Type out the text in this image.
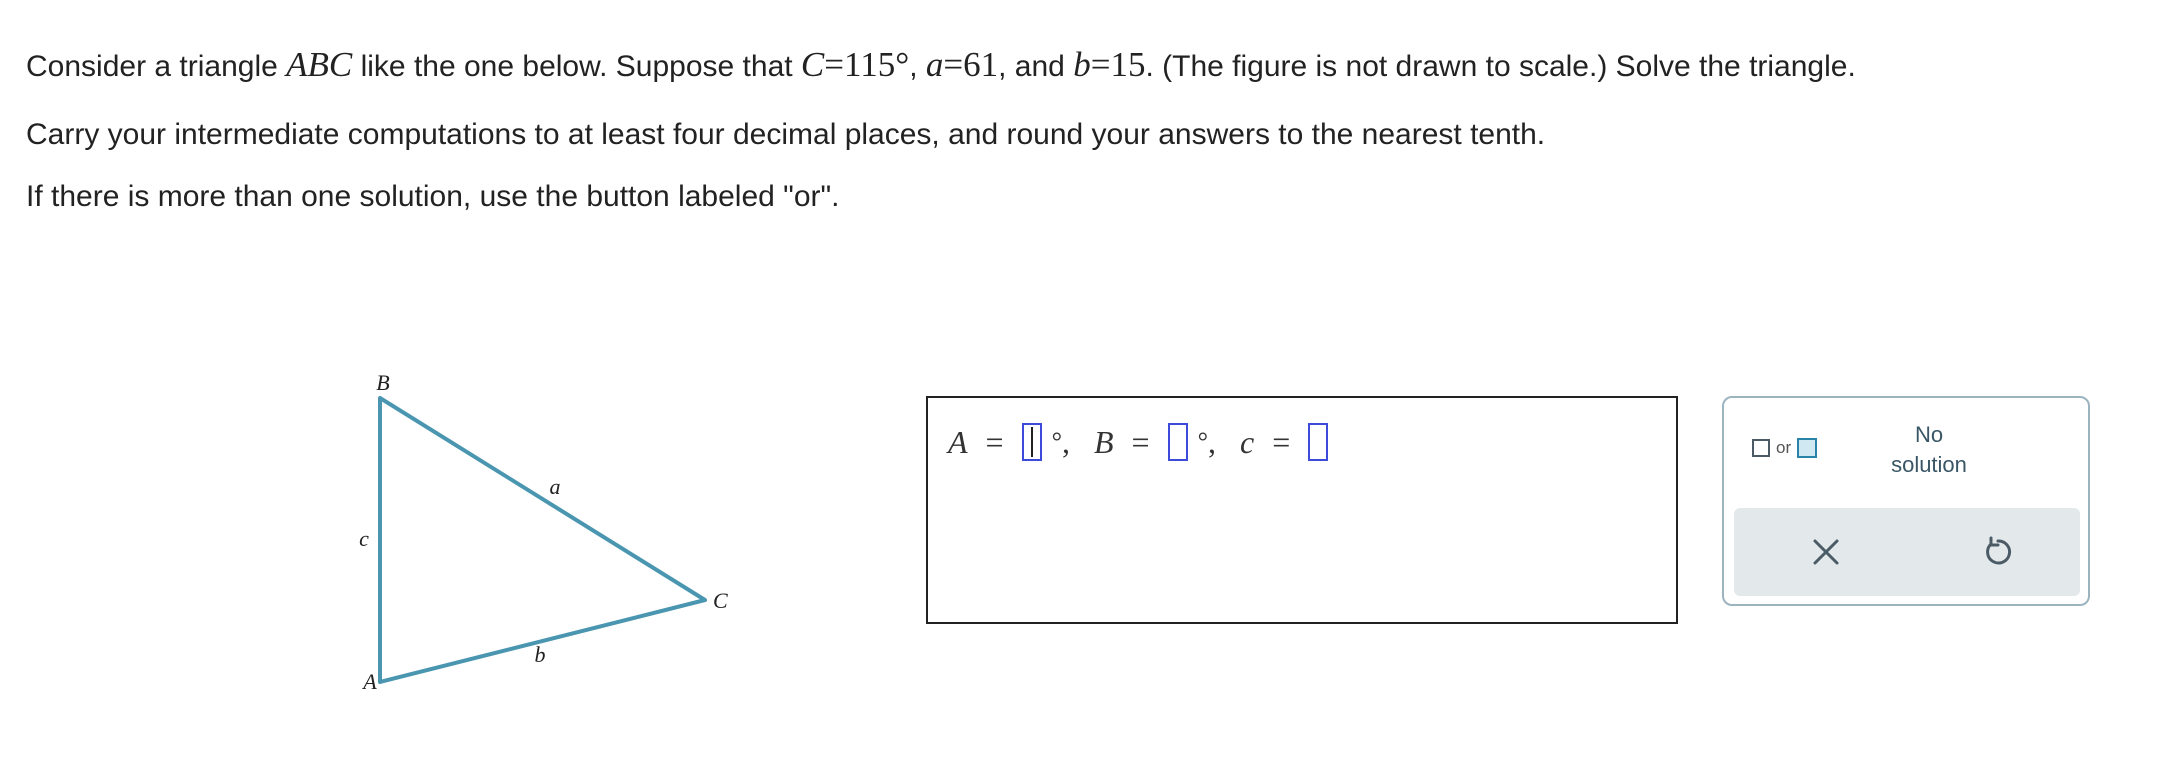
Consider a triangle ABC like the one below. Suppose that C=115°, a=61, and b=15. (The figure is not drawn to scale.) Solve the triangle.
Carry your intermediate computations to at least four decimal places, and round your answers to the nearest tenth.
If there is more than one solution, use the button labeled "or".
B
A
C
a
b
c
A = ° , B = ° , c =	or
No
solution
